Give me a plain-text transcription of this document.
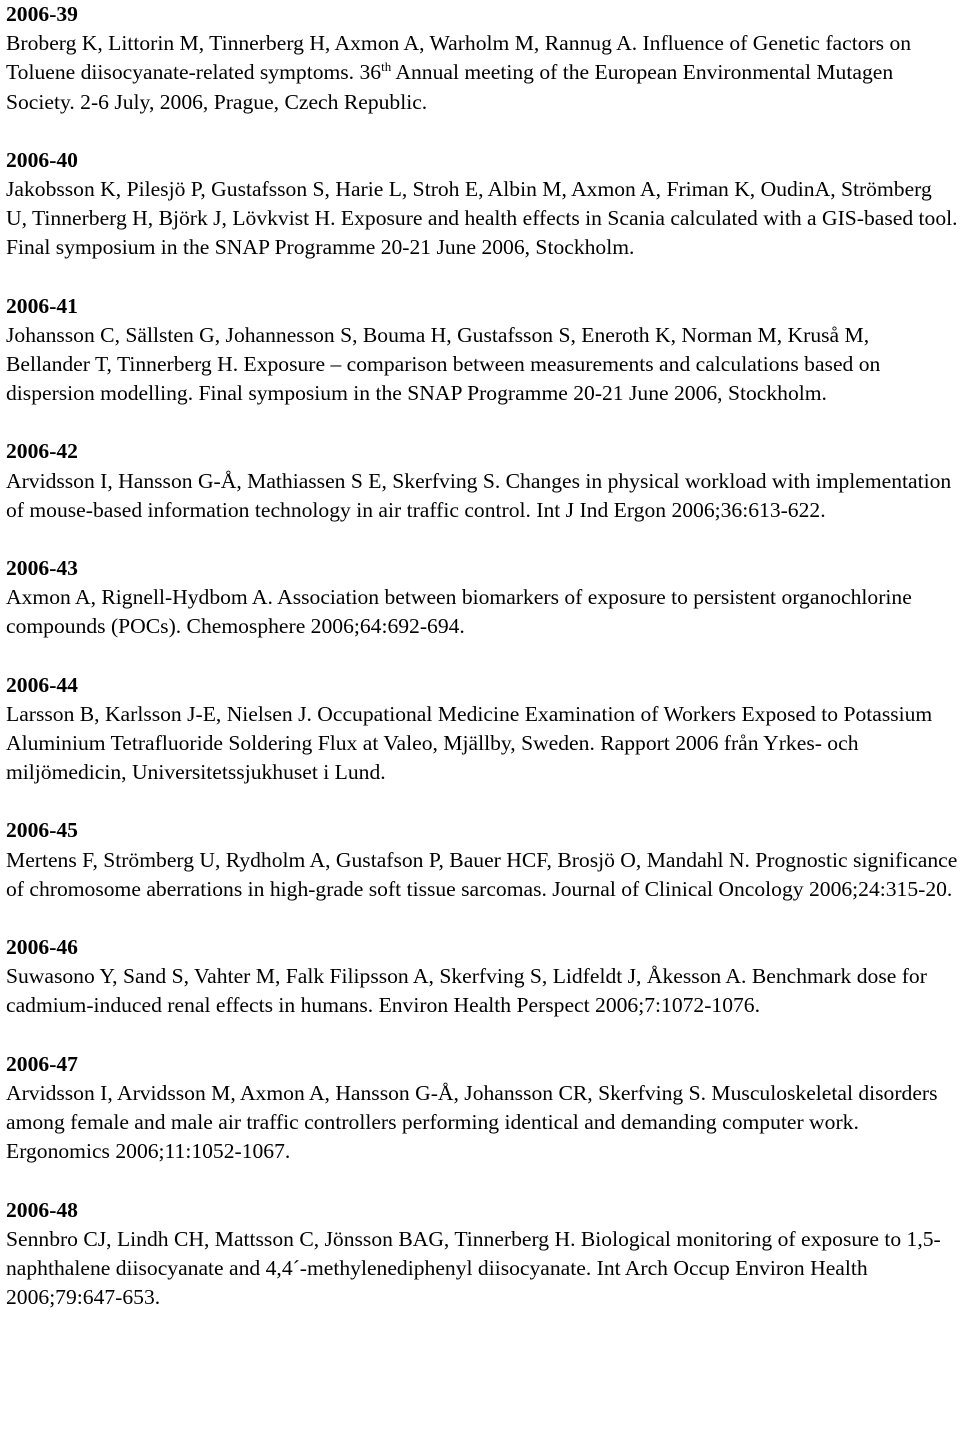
2006-39
Broberg K, Littorin M, Tinnerberg H, Axmon A, Warholm M, Rannug A. Influence of Genetic factors on Toluene diisocyanate-related symptoms. 36th Annual meeting of the European Environmental Mutagen Society. 2-6 July, 2006, Prague, Czech Republic.
2006-40
Jakobsson K, Pilesjö P, Gustafsson S, Harie L, Stroh E, Albin M, Axmon A, Friman K, OudinA, Strömberg U, Tinnerberg H, Björk J, Lövkvist H. Exposure and health effects in Scania calculated with a GIS-based tool. Final symposium in the SNAP Programme 20-21 June 2006, Stockholm.
2006-41
Johansson C, Sällsten G, Johannesson S, Bouma H, Gustafsson S, Eneroth K, Norman M, Kruså M, Bellander T, Tinnerberg H. Exposure – comparison between measurements and calculations based on dispersion modelling. Final symposium in the SNAP Programme 20-21 June 2006, Stockholm.
2006-42
Arvidsson I, Hansson G-Å, Mathiassen S E, Skerfving S. Changes in physical workload with implementation of mouse-based information technology in air traffic control. Int J Ind Ergon 2006;36:613-622.
2006-43
Axmon A, Rignell-Hydbom A. Association between biomarkers of exposure to persistent organochlorine compounds (POCs). Chemosphere 2006;64:692-694.
2006-44
Larsson B, Karlsson J-E, Nielsen J. Occupational Medicine Examination of Workers Exposed to Potassium Aluminium Tetrafluoride Soldering Flux at Valeo, Mjällby, Sweden. Rapport 2006 från Yrkes- och miljömedicin, Universitetssjukhuset i Lund.
2006-45
Mertens F, Strömberg U, Rydholm A, Gustafson P, Bauer HCF, Brosjö O, Mandahl N. Prognostic significance of chromosome aberrations in high-grade soft tissue sarcomas. Journal of Clinical Oncology 2006;24:315-20.
2006-46
Suwasono Y, Sand S, Vahter M, Falk Filipsson A, Skerfving S, Lidfeldt J, Åkesson A. Benchmark dose for cadmium-induced renal effects in humans. Environ Health Perspect 2006;7:1072-1076.
2006-47
Arvidsson I, Arvidsson M, Axmon A, Hansson G-Å, Johansson CR, Skerfving S. Musculoskeletal disorders among female and male air traffic controllers performing identical and demanding computer work. Ergonomics 2006;11:1052-1067.
2006-48
Sennbro CJ, Lindh CH, Mattsson C, Jönsson BAG, Tinnerberg H. Biological monitoring of exposure to 1,5-naphthalene diisocyanate and 4,4´-methylenediphenyl diisocyanate. Int Arch Occup Environ Health 2006;79:647-653.
